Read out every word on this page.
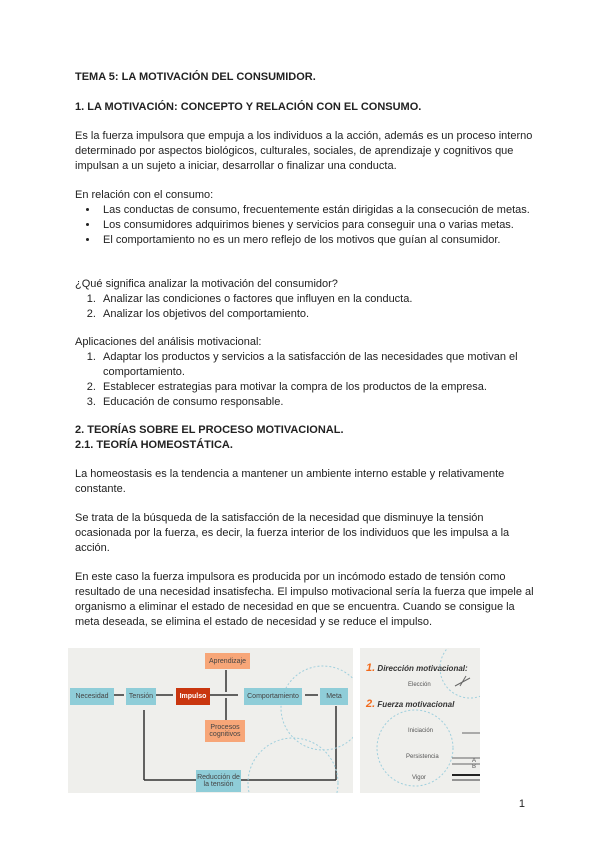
TEMA 5: LA MOTIVACIÓN DEL CONSUMIDOR.
1. LA MOTIVACIÓN: CONCEPTO Y RELACIÓN CON EL CONSUMO.

Es la fuerza impulsora que empuja a los individuos a la acción, además es un proceso interno determinado por aspectos biológicos, culturales, sociales, de aprendizaje y cognitivos que impulsan a un sujeto a iniciar, desarrollar o finalizar una conducta.

En relación con el consumo:

• Las conductas de consumo, frecuentemente están dirigidas a la consecución de metas.
• Los consumidores adquirimos bienes y servicios para conseguir una o varias metas.
• El comportamiento no es un mero reflejo de los motivos que guían al consumidor.

¿Qué significa analizar la motivación del consumidor?

1. Analizar las condiciones o factores que influyen en la conducta.
2. Analizar los objetivos del comportamiento.

Aplicaciones del análisis motivacional:

1. Adaptar los productos y servicios a la satisfacción de las necesidades que motivan el comportamiento.
2. Establecer estrategias para motivar la compra de los productos de la empresa.
3. Educación de consumo responsable.
2. TEORÍAS SOBRE EL PROCESO MOTIVACIONAL.
2.1. TEORÍA HOMEOSTÁTICA.

La homeostasis es la tendencia a mantener un ambiente interno estable y relativamente constante.

Se trata de la búsqueda de la satisfacción de la necesidad que disminuye la tensión ocasionada por la fuerza, es decir, la fuerza interior de los individuos que les impulsa a la acción.

En este caso la fuerza impulsora es producida por un incómodo estado de tensión como resultado de una necesidad insatisfecha. El impulso motivacional sería la fuerza que impele al organismo a eliminar el estado de necesidad en que se encuentra. Cuando se consigue la meta deseada, se elimina el estado de necesidad y se reduce el impulso.

Necesidad	Tensión	Impulso
Aprendizaje
Procesos cognitivos
Comportamiento	Meta
Reducción de la tensión
1. Dirección motivacional:
Elección
2. Fuerza motivacional
Iniciación
Persistencia
Vigor
A
B
1
